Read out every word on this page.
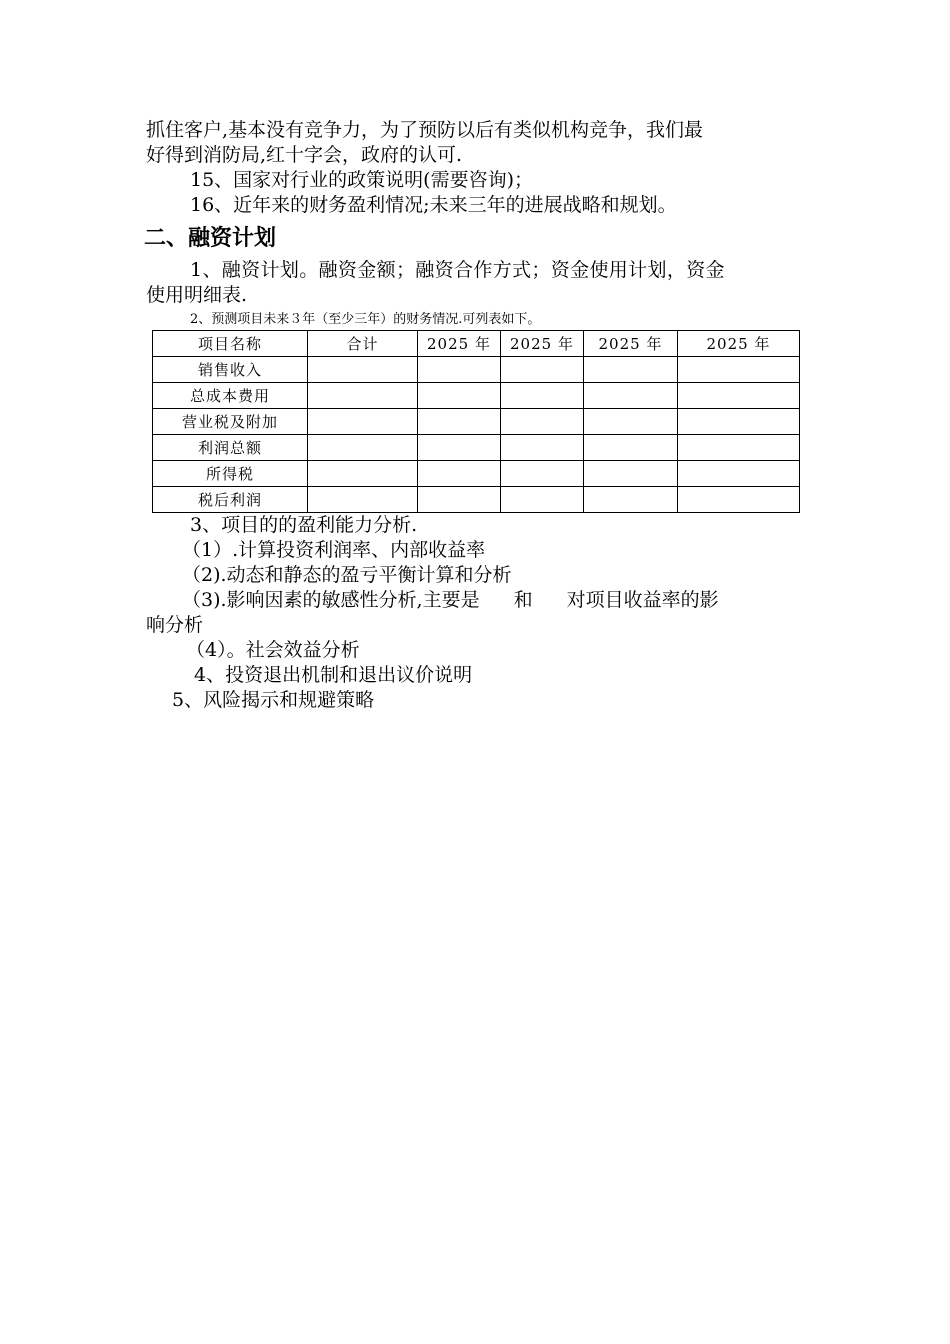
抓住客户,基本没有竞争力，为了预防以后有类似机构竞争，我们最

好得到消防局,红十字会，政府的认可.

15、国家对行业的政策说明(需要咨询)；

16、近年来的财务盈利情况;未来三年的进展战略和规划。

二、融资计划

1、融资计划。融资金额；融资合作方式；资金使用计划，资金

使用明细表.

2、预测项目未来３年（至少三年）的财务情况.可列表如下。

项目名称	合计	2025 年	2025 年	2025 年	2025 年
销售收入					
总成本费用					
营业税及附加					
利润总额					
所得税					
税后利润					

3、项目的的盈利能力分析.

（1）.计算投资利润率、内部收益率

（2).动态和静态的盈亏平衡计算和分析

（3).影响因素的敏感性分析,主要是 和 对项目收益率的影

响分析

（4）。社会效益分析

4、投资退出机制和退出议价说明

5、风险揭示和规避策略
